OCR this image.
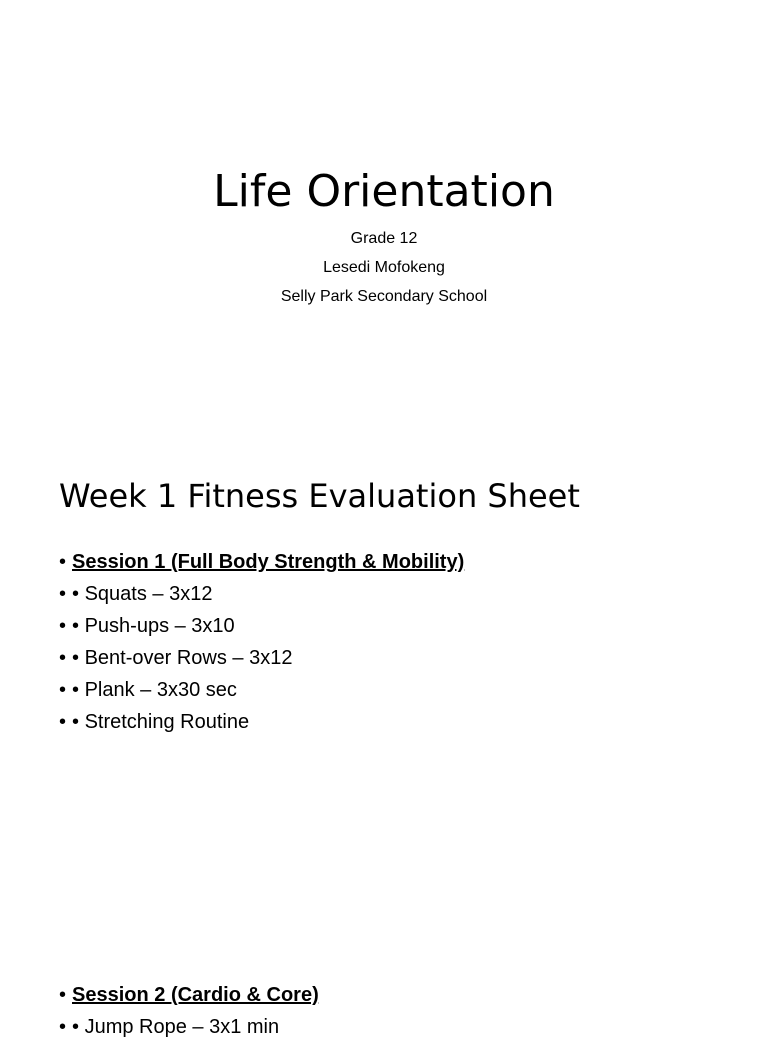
Life Orientation
Grade 12
Lesedi Mofokeng
Selly Park Secondary School
Week 1 Fitness Evaluation Sheet
• Session 1 (Full Body Strength & Mobility)
• • Squats – 3x12
• • Push-ups – 3x10
• • Bent-over Rows – 3x12
• • Plank – 3x30 sec
• • Stretching Routine
• Session 2 (Cardio & Core)
• • Jump Rope – 3x1 min
